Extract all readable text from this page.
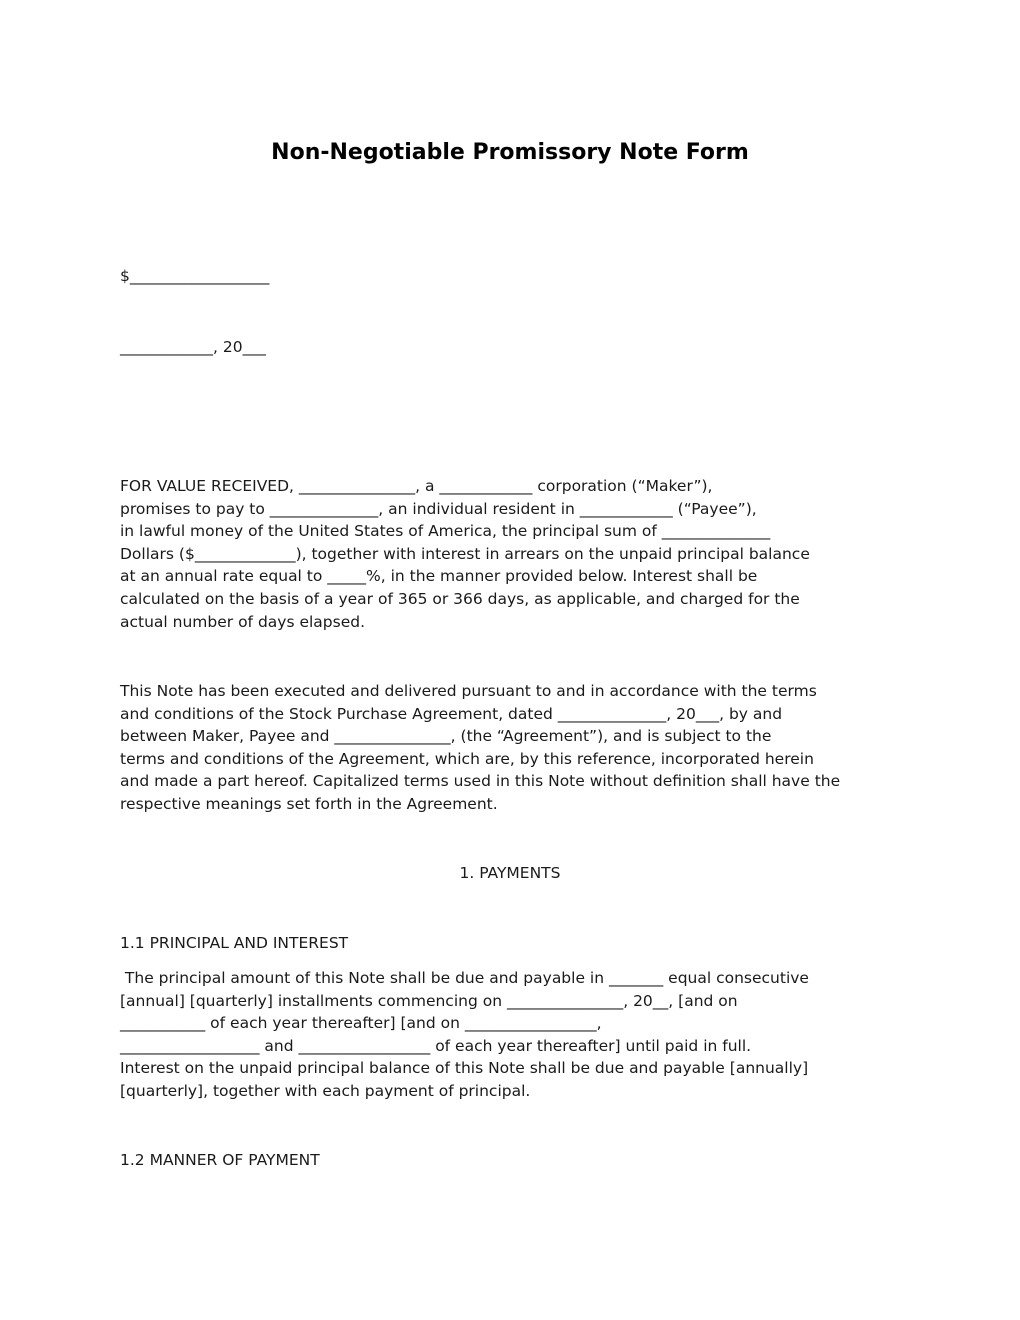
Non-Negotiable Promissory Note Form

$__________________

____________, 20___

FOR VALUE RECEIVED, _______________, a ____________ corporation (“Maker”),
promises to pay to ______________, an individual resident in ____________ (“Payee”),
in lawful money of the United States of America, the principal sum of ______________
Dollars ($_____________), together with interest in arrears on the unpaid principal balance
at an annual rate equal to _____%, in the manner provided below. Interest shall be
calculated on the basis of a year of 365 or 366 days, as applicable, and charged for the
actual number of days elapsed.
This Note has been executed and delivered pursuant to and in accordance with the terms
and conditions of the Stock Purchase Agreement, dated ______________, 20___, by and
between Maker, Payee and _______________, (the “Agreement”), and is subject to the
terms and conditions of the Agreement, which are, by this reference, incorporated herein
and made a part hereof. Capitalized terms used in this Note without definition shall have the
respective meanings set forth in the Agreement.
1. PAYMENTS
1.1 PRINCIPAL AND INTEREST
The principal amount of this Note shall be due and payable in _______ equal consecutive
[annual] [quarterly] installments commencing on _______________, 20__, [and on
___________ of each year thereafter] [and on _________________,
__________________ and _________________ of each year thereafter] until paid in full.
Interest on the unpaid principal balance of this Note shall be due and payable [annually]
[quarterly], together with each payment of principal.
1.2 MANNER OF PAYMENT
